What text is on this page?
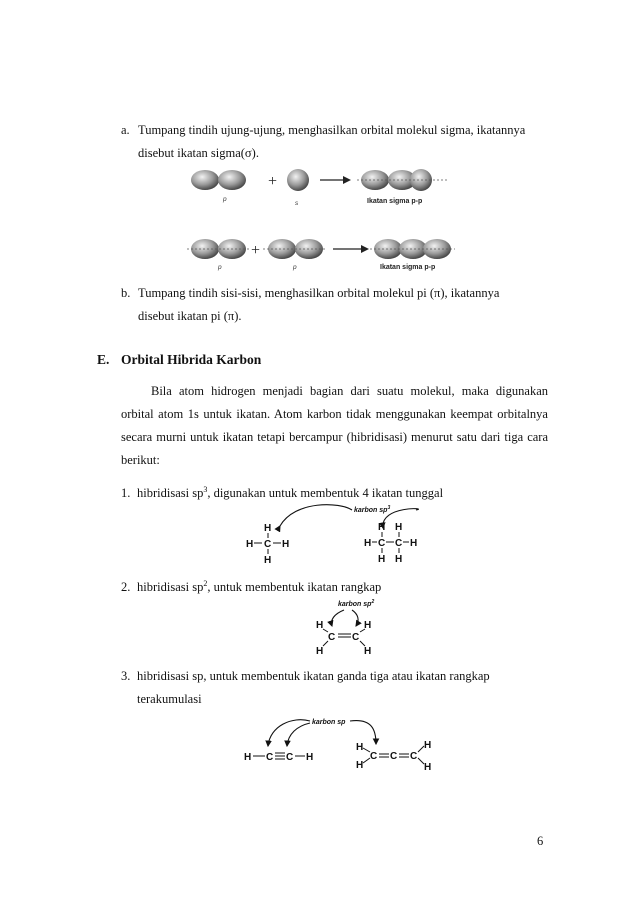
a. Tumpang tindih ujung-ujung, menghasilkan orbital molekul sigma, ikatannya
disebut ikatan sigma(σ).
+
+
p
s	Ikatan sigma p-p
p	p	Ikatan sigma p-p
b. Tumpang tindih sisi-sisi, menghasilkan orbital molekul pi (π), ikatannya
disebut ikatan pi (π).
E. Orbital Hibrida Karbon
Bila atom hidrogen menjadi bagian dari suatu molekul, maka digunakan
orbital atom 1s untuk ikatan. Atom karbon tidak menggunakan keempat orbitalnya
secara murni untuk ikatan tetapi bercampur (hibridisasi) menurut satu dari tiga cara
berikut:
1. hibridisasi $sp^3$, digunakan untuk membentuk 4 ikatan tunggal
karbon $sp^3$
H
C
H	H
H
H H
H C C H
H H
2. hibridisasi $sp^2$, untuk membentuk ikatan rangkap
karbon $sp^2$
H	H
C C
H	H
3. hibridisasi sp, untuk membentuk ikatan ganda tiga atau ikatan rangkap
terakumulasi
karbon sp
H C C H
H
H
C C C
H
H
6
